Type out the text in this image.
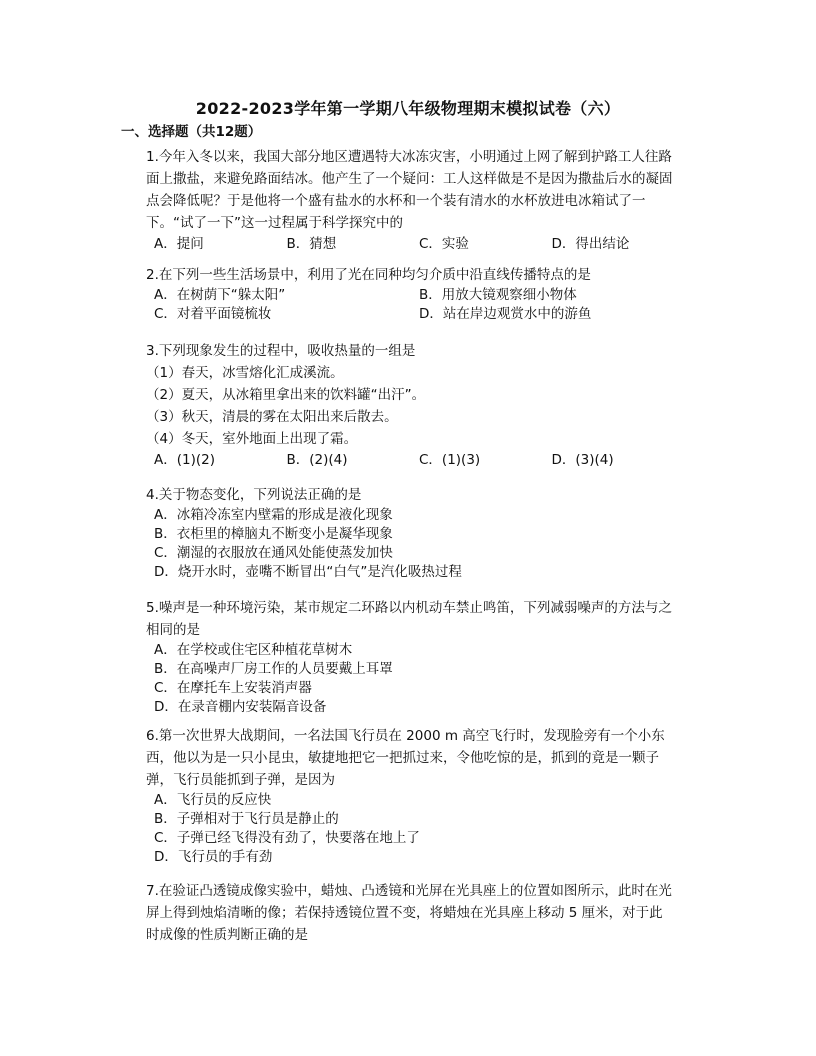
2022-2023学年第一学期八年级物理期末模拟试卷（六）
一、选择题（共12题）
1.今年入冬以来，我国大部分地区遭遇特大冰冻灾害，小明通过上网了解到护路工人往路面上撒盐，来避免路面结冰。他产生了一个疑问：工人这样做是不是因为撒盐后水的凝固点会降低呢？于是他将一个盛有盐水的水杯和一个装有清水的水杯放进电冰箱试了一下。“试了一下”这一过程属于科学探究中的
A．提问	B．猜想	C．实验	D．得出结论
2.在下列一些生活场景中，利用了光在同种均匀介质中沿直线传播特点的是
A．在树荫下“躲太阳”	B．用放大镜观察细小物体
C．对着平面镜梳妆	D．站在岸边观赏水中的游鱼
3.下列现象发生的过程中，吸收热量的一组是
（1）春天，冰雪熔化汇成溪流。
（2）夏天，从冰箱里拿出来的饮料罐“出汗”。
（3）秋天，清晨的雾在太阳出来后散去。
（4）冬天，室外地面上出现了霜。
A．(1)(2)	B．(2)(4)	C．(1)(3)	D．(3)(4)
4.关于物态变化，下列说法正确的是
A．冰箱冷冻室内壁霜的形成是液化现象
B．衣柜里的樟脑丸不断变小是凝华现象
C．潮湿的衣服放在通风处能使蒸发加快
D．烧开水时，壶嘴不断冒出“白气”是汽化吸热过程
5.噪声是一种环境污染，某市规定二环路以内机动车禁止鸣笛，下列减弱噪声的方法与之相同的是
A．在学校或住宅区种植花草树木
B．在高噪声厂房工作的人员要戴上耳罩
C．在摩托车上安装消声器
D．在录音棚内安装隔音设备
6.第一次世界大战期间，一名法国飞行员在 2000 m 高空飞行时，发现脸旁有一个小东西，他以为是一只小昆虫，敏捷地把它一把抓过来，令他吃惊的是，抓到的竟是一颗子弹，飞行员能抓到子弹，是因为
A．飞行员的反应快
B．子弹相对于飞行员是静止的
C．子弹已经飞得没有劲了，快要落在地上了
D．飞行员的手有劲
7.在验证凸透镜成像实验中，蜡烛、凸透镜和光屏在光具座上的位置如图所示，此时在光屏上得到烛焰清晰的像；若保持透镜位置不变，将蜡烛在光具座上移动 5 厘米，对于此时成像的性质判断正确的是
